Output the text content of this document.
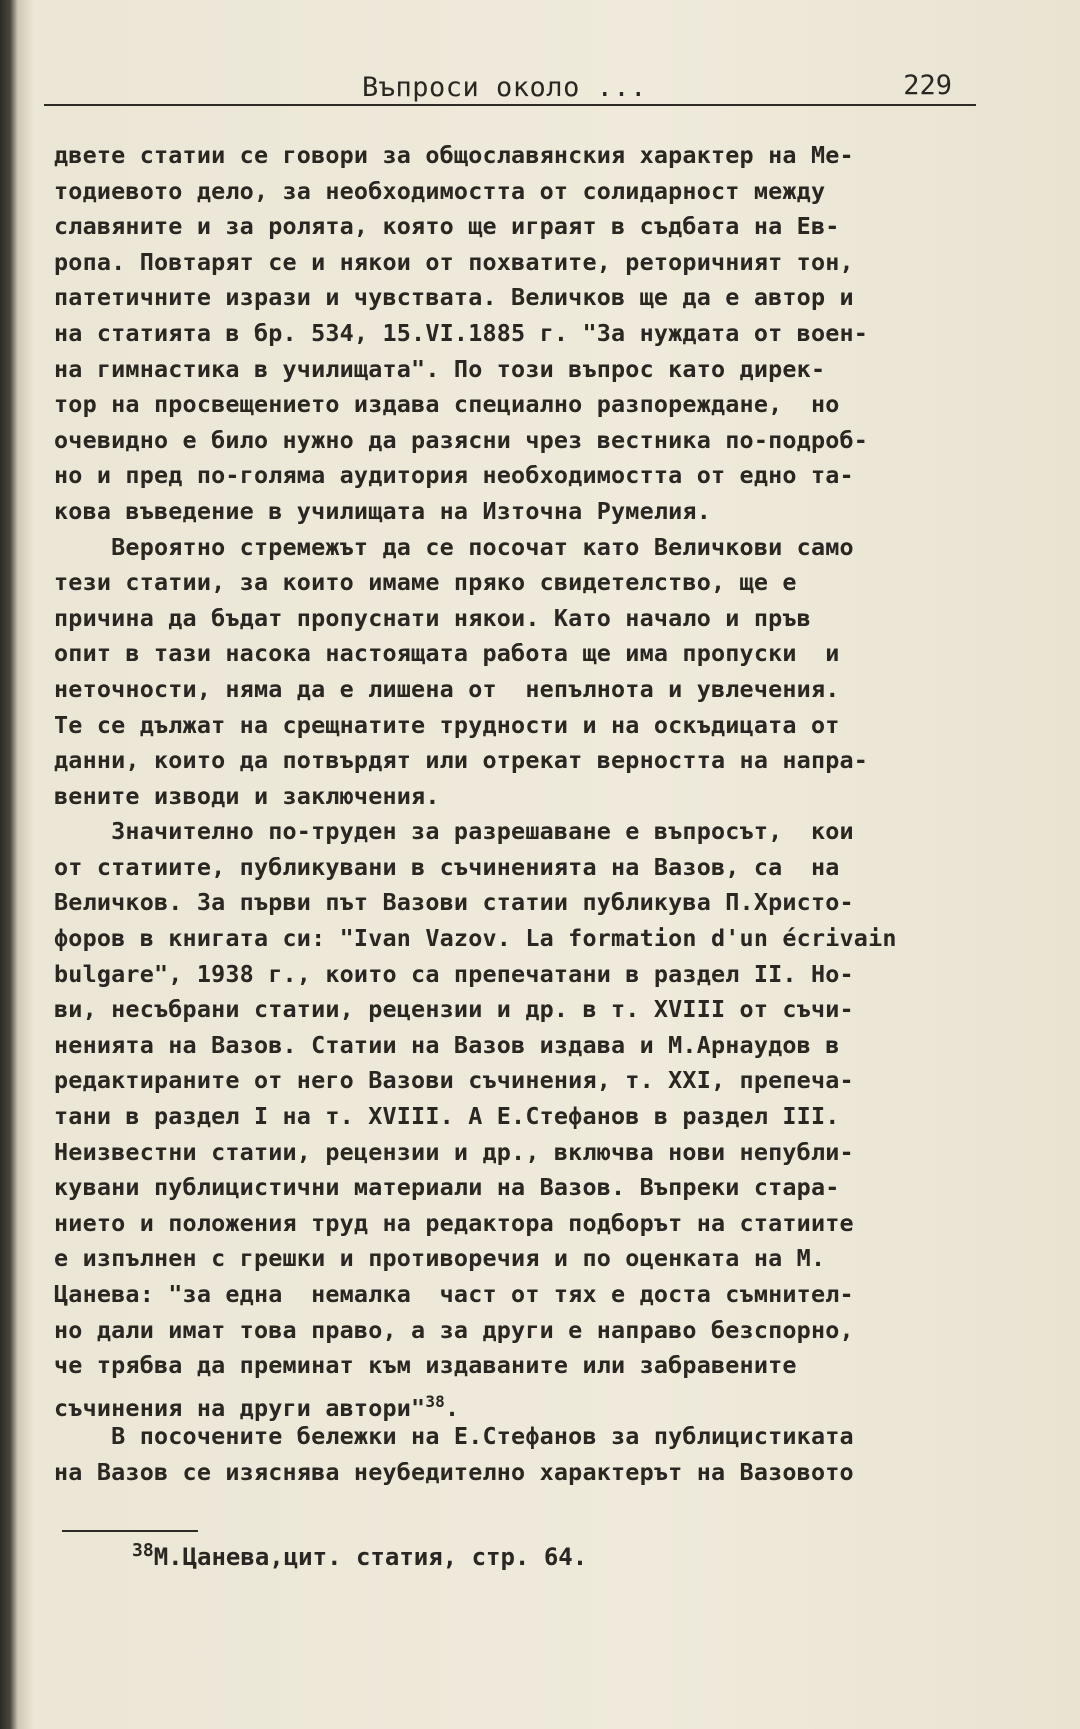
Въпроси около ...	229
двете статии се говори за общославянския характер на Ме-
тодиевото дело, за необходимостта от солидарност между
славяните и за ролята, която ще играят в съдбата на Ев-
ропа. Повтарят се и някои от похватите, реторичният тон,
патетичните изрази и чувствата. Величков ще да е автор и
на статията в бр. 534, 15.VI.1885 г. "За нуждата от воен-
на гимнастика в училищата". По този въпрос като дирек-
тор на просвещението издава специално разпореждане,  но
очевидно е било нужно да разясни чрез вестника по-подроб-
но и пред по-голяма аудитория необходимостта от едно та-
кова въведение в училищата на Източна Румелия.
Вероятно стремежът да се посочат като Величкови само
тези статии, за които имаме пряко свидетелство, ще е
причина да бъдат пропуснати някои. Като начало и пръв
опит в тази насока настоящата работа ще има пропуски  и
неточности, няма да е лишена от  непълнота и увлечения.
Те се дължат на срещнатите трудности и на оскъдицата от
данни, които да потвърдят или отрекат верността на напра-
вените изводи и заключения.
Значително по-труден за разрешаване е въпросът,  кои
от статиите, публикувани в съчиненията на Вазов, са  на
Величков. За първи път Вазови статии публикува П.Христо-
форов в книгата си: "Ivan Vazov. La formation d'un écrivain
bulgare", 1938 г., които са препечатани в раздел II. Но-
ви, несъбрани статии, рецензии и др. в т. XVIII от съчи-
ненията на Вазов. Статии на Вазов издава и М.Арнаудов в
редактираните от него Вазови съчинения, т. XXI, препеча-
тани в раздел I на т. XVIII. А Е.Стефанов в раздел III.
Неизвестни статии, рецензии и др., включва нови непубли-
кувани публицистични материали на Вазов. Въпреки стара-
нието и положения труд на редактора подборът на статиите
е изпълнен с грешки и противоречия и по оценката на М.
Цанева: "за една  немалка  част от тях е доста съмнител-
но дали имат това право, а за други е направо безспорно,
че трябва да преминат към издаваните или забравените
съчинения на други автори"$^{38}$.
В посочените бележки на Е.Стефанов за публицистиката
на Вазов се изяснява неубедително характерът на Вазовото
$^{38}$М.Цанева,цит. статия, стр. 64.
